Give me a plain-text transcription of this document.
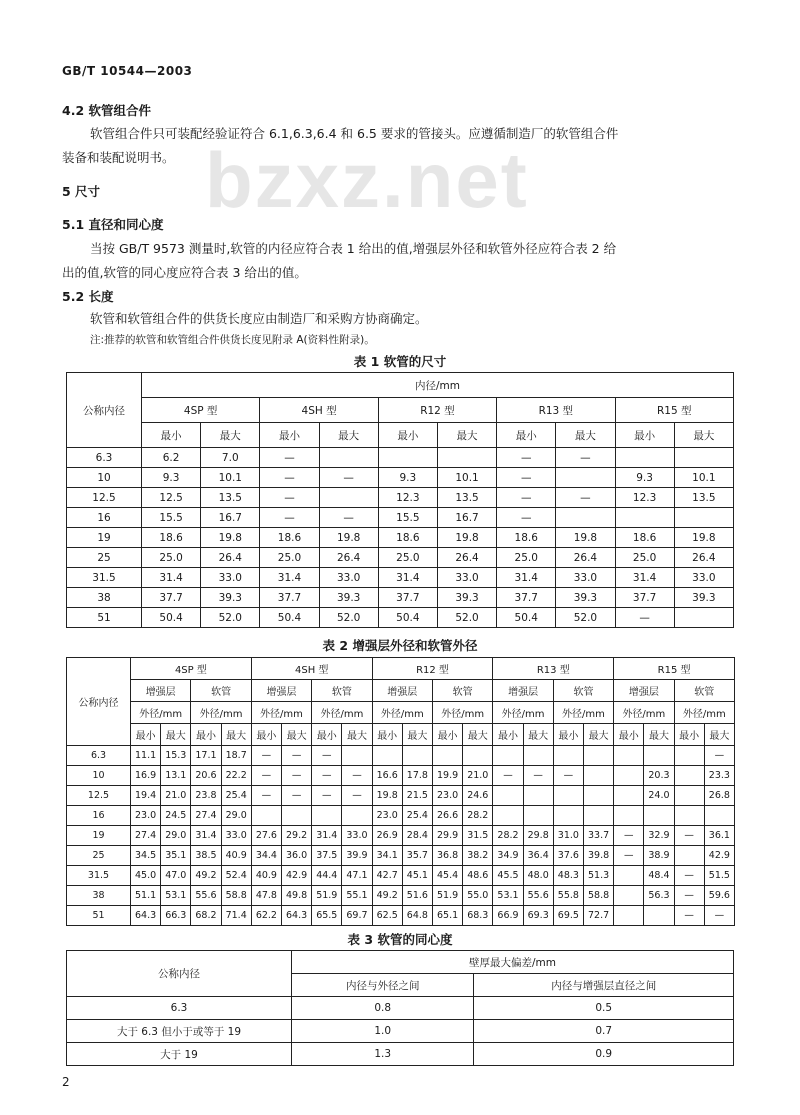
GB/T 10544—2003
bzxz.net
4.2 软管组合件
软管组合件只可装配经验证符合 6.1,6.3,6.4 和 6.5 要求的管接头。应遵循制造厂的软管组合件
装备和装配说明书。
5 尺寸
5.1 直径和同心度
当按 GB/T 9573 测量时,软管的内径应符合表 1 给出的值,增强层外径和软管外径应符合表 2 给
出的值,软管的同心度应符合表 3 给出的值。
5.2 长度
软管和软管组合件的供货长度应由制造厂和采购方协商确定。
注:推荐的软管和软管组合件供货长度见附录 A(资料性附录)。
表 1 软管的尺寸
公称内径	内径/mm									
	4SP 型		4SH 型		R12 型		R13 型		R15 型	
	最小	最大	最小	最大	最小	最大	最小	最大	最小	最大
6.3	6.2	7.0	—				—	—		
10	9.3	10.1	—	—	9.3	10.1	—		9.3	10.1
12.5	12.5	13.5	—		12.3	13.5	—	—	12.3	13.5
16	15.5	16.7	—	—	15.5	16.7	—			
19	18.6	19.8	18.6	19.8	18.6	19.8	18.6	19.8	18.6	19.8
25	25.0	26.4	25.0	26.4	25.0	26.4	25.0	26.4	25.0	26.4
31.5	31.4	33.0	31.4	33.0	31.4	33.0	31.4	33.0	31.4	33.0
38	37.7	39.3	37.7	39.3	37.7	39.3	37.7	39.3	37.7	39.3
51	50.4	52.0	50.4	52.0	50.4	52.0	50.4	52.0	—	
表 2 增强层外径和软管外径
公称内径	4SP 型				4SH 型				R12 型				R13 型				R15 型			
	增强层		软管		增强层		软管		增强层		软管		增强层		软管		增强层		软管	
	外径/mm		外径/mm		外径/mm		外径/mm		外径/mm		外径/mm		外径/mm		外径/mm		外径/mm		外径/mm	
	最小	最大	最小	最大	最小	最大	最小	最大	最小	最大	最小	最大	最小	最大	最小	最大	最小	最大	最小	最大
6.3	11.1	15.3	17.1	18.7	—	—	—													—
10	16.9	13.1	20.6	22.2	—	—	—	—	16.6	17.8	19.9	21.0	—	—	—			20.3		23.3
12.5	19.4	21.0	23.8	25.4	—	—	—	—	19.8	21.5	23.0	24.6						24.0		26.8
16	23.0	24.5	27.4	29.0					23.0	25.4	26.6	28.2								
19	27.4	29.0	31.4	33.0	27.6	29.2	31.4	33.0	26.9	28.4	29.9	31.5	28.2	29.8	31.0	33.7	—	32.9	—	36.1
25	34.5	35.1	38.5	40.9	34.4	36.0	37.5	39.9	34.1	35.7	36.8	38.2	34.9	36.4	37.6	39.8	—	38.9		42.9
31.5	45.0	47.0	49.2	52.4	40.9	42.9	44.4	47.1	42.7	45.1	45.4	48.6	45.5	48.0	48.3	51.3		48.4	—	51.5
38	51.1	53.1	55.6	58.8	47.8	49.8	51.9	55.1	49.2	51.6	51.9	55.0	53.1	55.6	55.8	58.8		56.3	—	59.6
51	64.3	66.3	68.2	71.4	62.2	64.3	65.5	69.7	62.5	64.8	65.1	68.3	66.9	69.3	69.5	72.7			—	—
表 3 软管的同心度
公称内径	壁厚最大偏差/mm	
	内径与外径之间	内径与增强层直径之间
6.3	0.8	0.5
大于 6.3 但小于或等于 19	1.0	0.7
大于 19	1.3	0.9
2
